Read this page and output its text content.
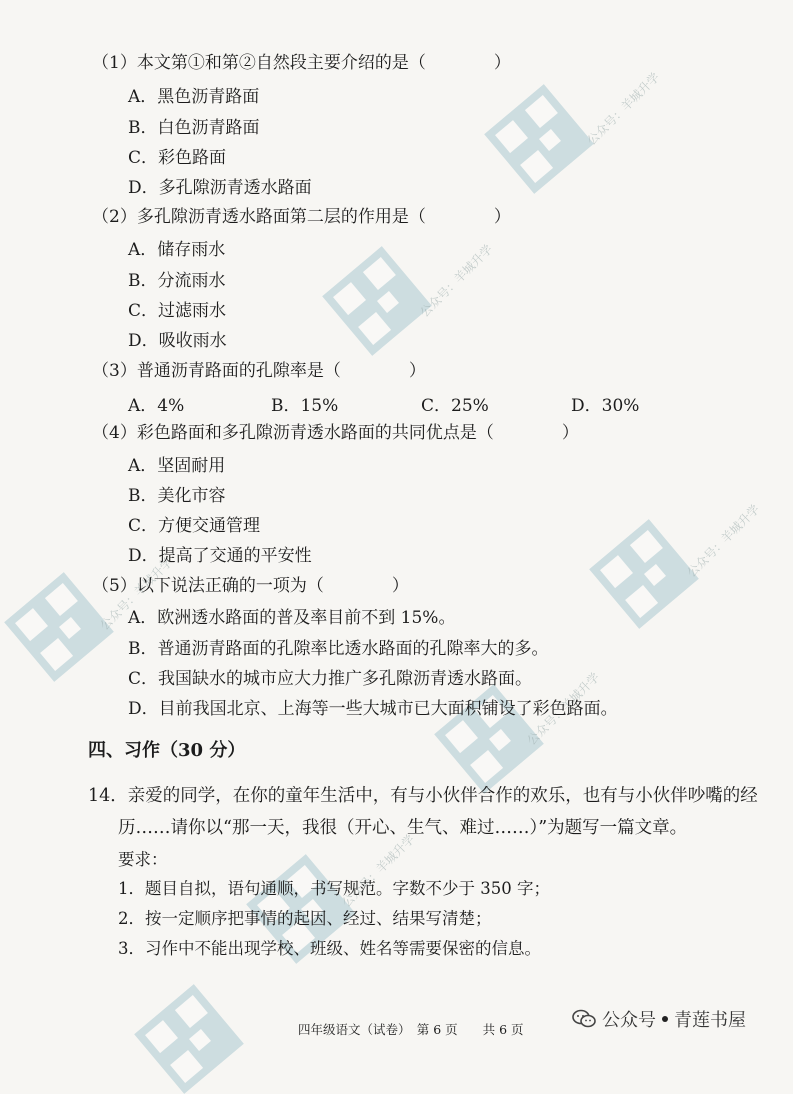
公众号：羊城升学
公众号：羊城升学
公众号：羊城升学
公众号：羊城升学
公众号：羊城升学
公众号：羊城升学
（1）本文第①和第②自然段主要介绍的是（　　　　）
A．黑色沥青路面
B．白色沥青路面
C．彩色路面
D．多孔隙沥青透水路面
（2）多孔隙沥青透水路面第二层的作用是（　　　　）
A．储存雨水
B．分流雨水
C．过滤雨水
D．吸收雨水
（3）普通沥青路面的孔隙率是（　　　　）
A．4%	B．15%	C．25%	D．30%
（4）彩色路面和多孔隙沥青透水路面的共同优点是（　　　　）
A．坚固耐用
B．美化市容
C．方便交通管理
D．提高了交通的平安性
（5）以下说法正确的一项为（　　　　）
A．欧洲透水路面的普及率目前不到 15%。
B．普通沥青路面的孔隙率比透水路面的孔隙率大的多。
C．我国缺水的城市应大力推广多孔隙沥青透水路面。
D．目前我国北京、上海等一些大城市已大面积铺设了彩色路面。
四、习作（30 分）
14．亲爱的同学，在你的童年生活中，有与小伙伴合作的欢乐，也有与小伙伴吵嘴的经
历……请你以“那一天，我很（开心、生气、难过……）”为题写一篇文章。
要求：
1．题目自拟，语句通顺，书写规范。字数不少于 350 字；
2．按一定顺序把事情的起因、经过、结果写清楚；
3．习作中不能出现学校、班级、姓名等需要保密的信息。
四年级语文（试卷）　第 6 页　　共 6 页	公众号 青莲书屋
